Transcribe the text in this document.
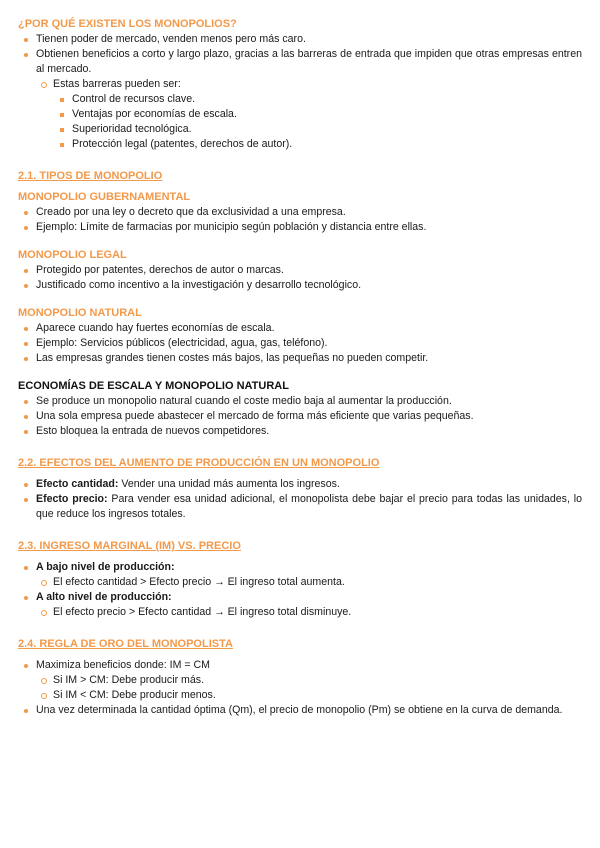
¿POR QUÉ EXISTEN LOS MONOPOLIOS?

Tienen poder de mercado, venden menos pero más caro.
Obtienen beneficios a corto y largo plazo, gracias a las barreras de entrada que impiden que otras empresas entren al mercado.
Estas barreras pueden ser:
Control de recursos clave.
Ventajas por economías de escala.
Superioridad tecnológica.
Protección legal (patentes, derechos de autor).

2.1. TIPOS DE MONOPOLIO

MONOPOLIO GUBERNAMENTAL

Creado por una ley o decreto que da exclusividad a una empresa.
Ejemplo: Límite de farmacias por municipio según población y distancia entre ellas.

MONOPOLIO LEGAL

Protegido por patentes, derechos de autor o marcas.
Justificado como incentivo a la investigación y desarrollo tecnológico.

MONOPOLIO NATURAL

Aparece cuando hay fuertes economías de escala.
Ejemplo: Servicios públicos (electricidad, agua, gas, teléfono).
Las empresas grandes tienen costes más bajos, las pequeñas no pueden competir.

ECONOMÍAS DE ESCALA Y MONOPOLIO NATURAL

Se produce un monopolio natural cuando el coste medio baja al aumentar la producción.
Una sola empresa puede abastecer el mercado de forma más eficiente que varias pequeñas.
Esto bloquea la entrada de nuevos competidores.

2.2. EFECTOS DEL AUMENTO DE PRODUCCIÓN EN UN MONOPOLIO

Efecto cantidad: Vender una unidad más aumenta los ingresos.
Efecto precio: Para vender esa unidad adicional, el monopolista debe bajar el precio para todas las unidades, lo que reduce los ingresos totales.

2.3. INGRESO MARGINAL (IM) VS. PRECIO

A bajo nivel de producción:
El efecto cantidad > Efecto precio → El ingreso total aumenta.
A alto nivel de producción:
El efecto precio > Efecto cantidad → El ingreso total disminuye.

2.4. REGLA DE ORO DEL MONOPOLISTA

Maximiza beneficios donde: IM = CM
Si IM > CM: Debe producir más.
Si IM < CM: Debe producir menos.
Una vez determinada la cantidad óptima (Qm), el precio de monopolio (Pm) se obtiene en la curva de demanda.
